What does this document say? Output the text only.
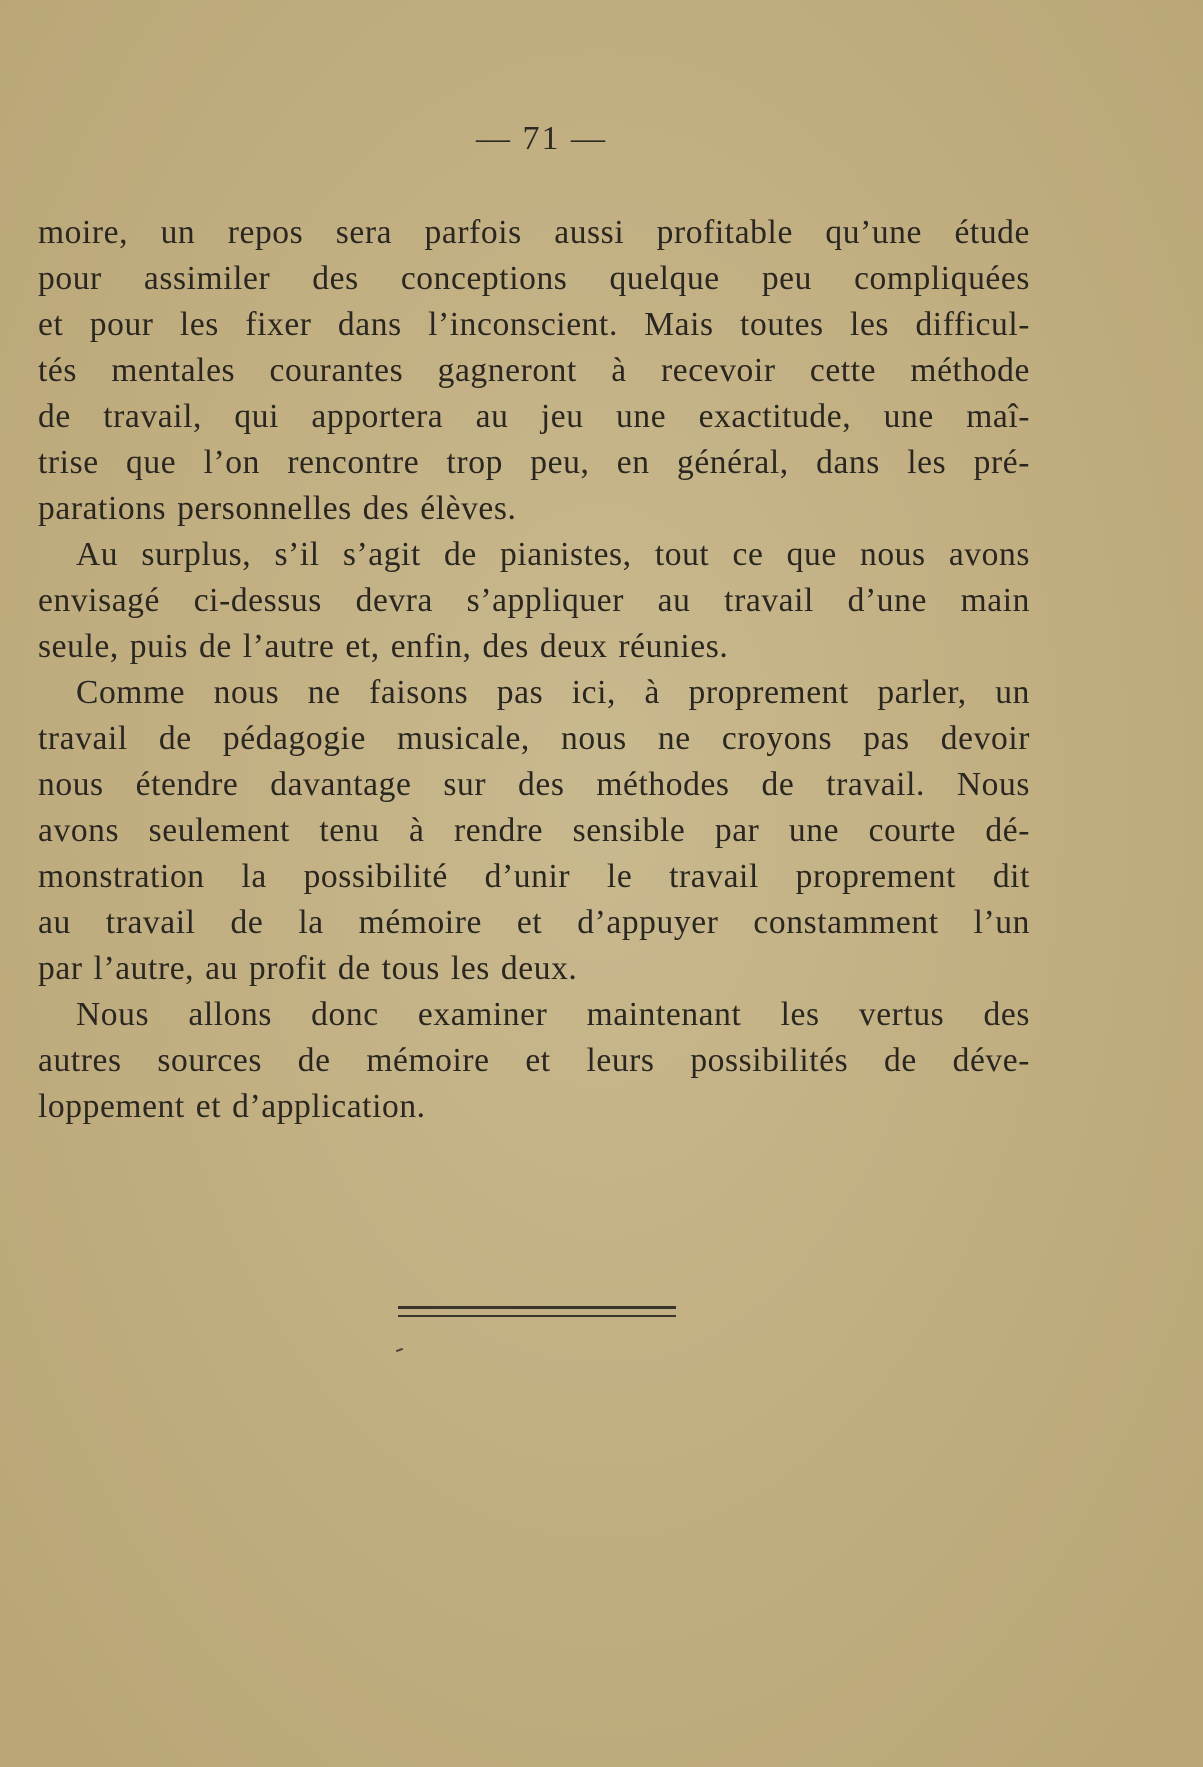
— 71 —
moire, un repos sera parfois aussi profitable qu’une étude
pour assimiler des conceptions quelque peu compliquées
et pour les fixer dans l’inconscient. Mais toutes les difficul-
tés mentales courantes gagneront à recevoir cette méthode
de travail, qui apportera au jeu une exactitude, une maî-
trise que l’on rencontre trop peu, en général, dans les pré-
parations personnelles des élèves.
Au surplus, s’il s’agit de pianistes, tout ce que nous avons
envisagé ci-dessus devra s’appliquer au travail d’une main
seule, puis de l’autre et, enfin, des deux réunies.
Comme nous ne faisons pas ici, à proprement parler, un
travail de pédagogie musicale, nous ne croyons pas devoir
nous étendre davantage sur des méthodes de travail. Nous
avons seulement tenu à rendre sensible par une courte dé-
monstration la possibilité d’unir le travail proprement dit
au travail de la mémoire et d’appuyer constamment l’un
par l’autre, au profit de tous les deux.
Nous allons donc examiner maintenant les vertus des
autres sources de mémoire et leurs possibilités de déve-
loppement et d’application.
